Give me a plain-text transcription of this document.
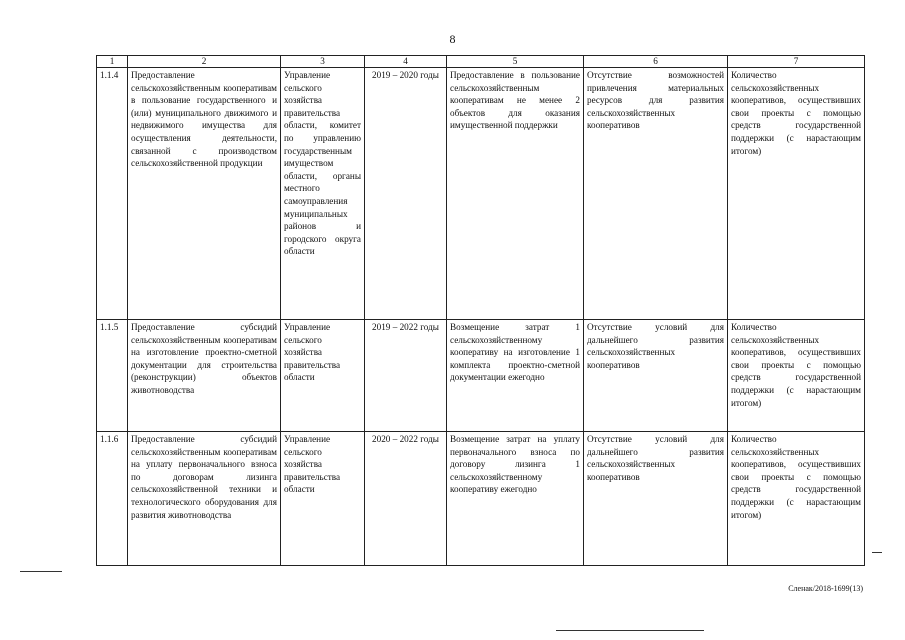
8
1	2	3	4	5	6	7
1.1.4	Предоставление сельскохозяйственным кооперативам в пользование государственного и (или) муниципального движимого и недвижимого имущества для осуществления деятельности, связанной с производством сельскохозяйственной продукции	Управление сельского хозяйства правительства области, комитет по управлению государственным имуществом области, органы местного самоуправления муниципальных районов и городского округа области	2019 – 2020 годы	Предоставление в пользование сельскохозяйственным кооперативам не менее 2 объектов для оказания имущественной поддержки	Отсутствие возможностей привлечения материальных ресурсов для развития сельскохозяйственных кооперативов	Количество сельскохозяйственных кооперативов, осуществивших свои проекты с помощью средств государственной поддержки (с нарастающим итогом)
1.1.5	Предоставление субсидий сельскохозяйственным кооперативам на изготовление проектно-сметной документации для строительства (реконструкции) объектов животноводства	Управление сельского хозяйства правительства области	2019 – 2022 годы	Возмещение затрат 1 сельскохозяйственному кооперативу на изготовление 1 комплекта проектно-сметной документации ежегодно	Отсутствие условий для дальнейшего развития сельскохозяйственных кооперативов	Количество сельскохозяйственных кооперативов, осуществивших свои проекты с помощью средств государственной поддержки (с нарастающим итогом)
1.1.6	Предоставление субсидий сельскохозяйственным кооперативам на уплату первоначального взноса по договорам лизинга сельскохозяйственной техники и технологического оборудования для развития животноводства	Управление сельского хозяйства правительства области	2020 – 2022 годы	Возмещение затрат на уплату первоначального взноса по договору лизинга 1 сельскохозяйственному кооперативу ежегодно	Отсутствие условий для дальнейшего развития сельскохозяйственных кооперативов	Количество сельскохозяйственных кооперативов, осуществивших свои проекты с помощью средств государственной поддержки (с нарастающим итогом)
Сленак/2018-1699(13)
